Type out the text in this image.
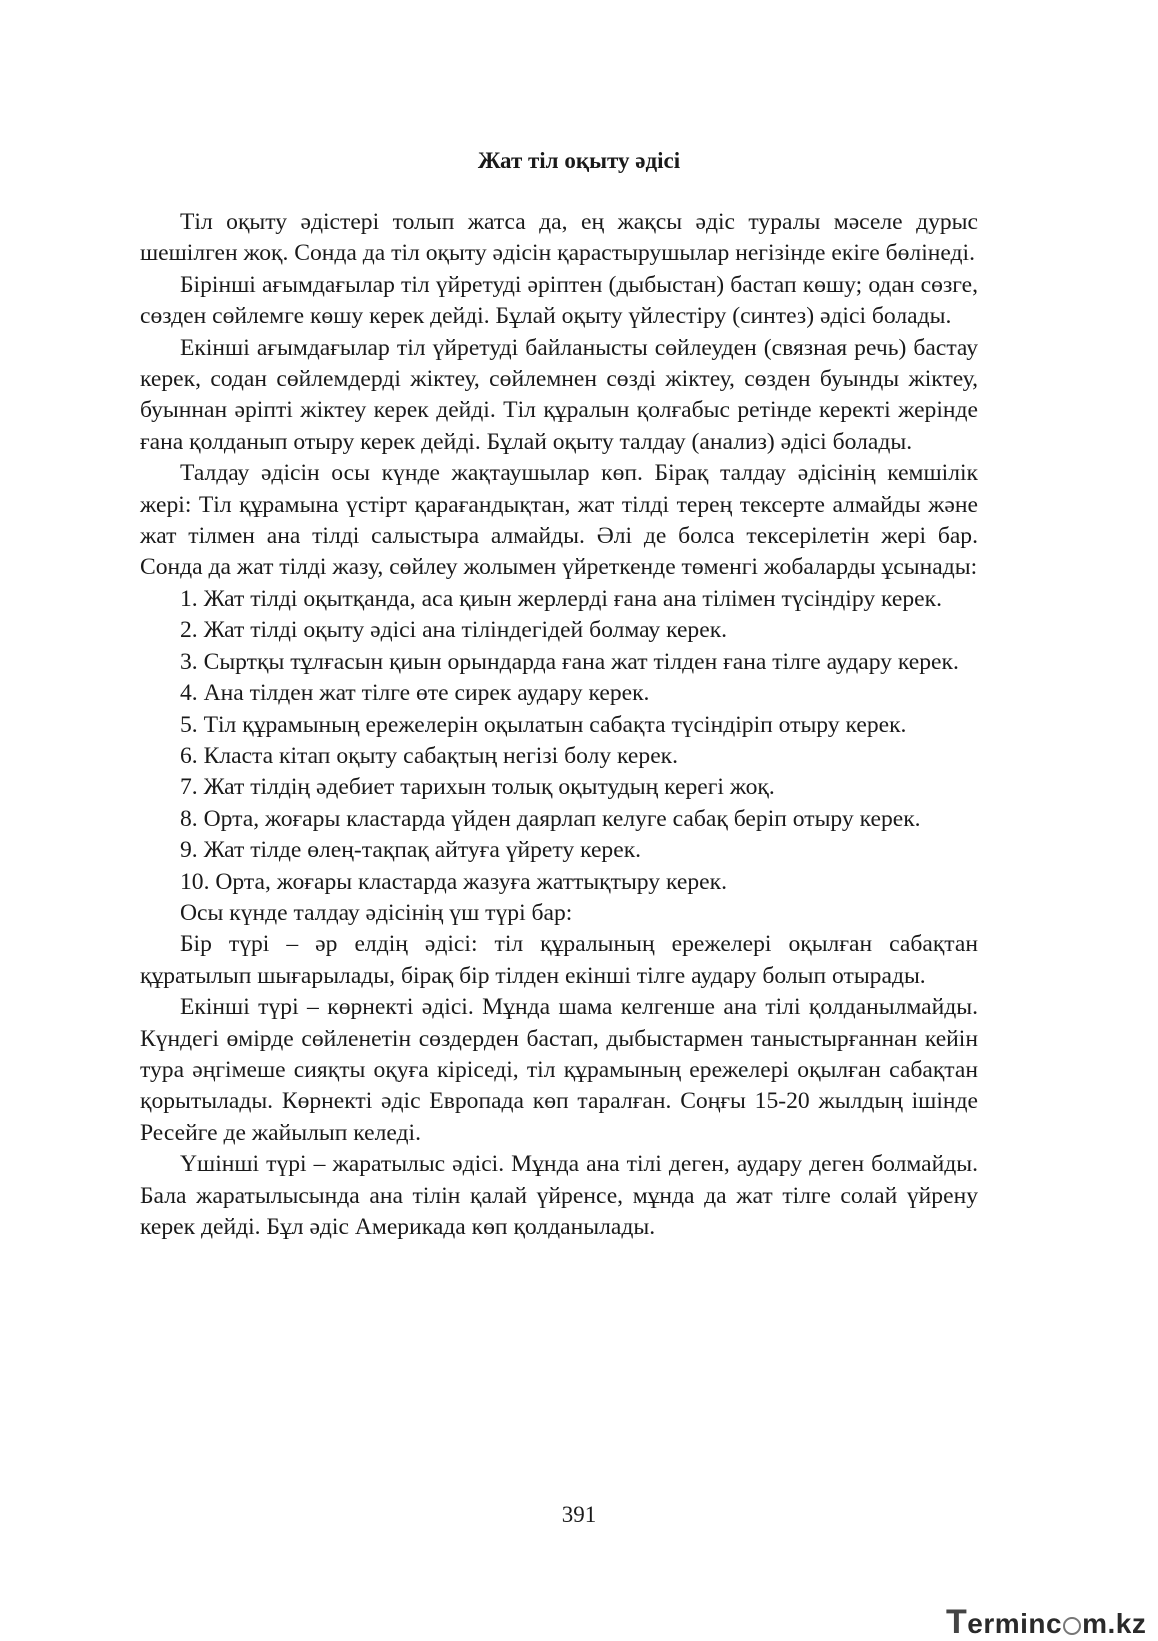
Жат тіл оқыту әдісі

Тіл оқыту әдістері толып жатса да, ең жақсы әдіс туралы мәселе дурыс шешілген жоқ. Сонда да тіл оқыту әдісін қарастырушылар негізінде екіге бөлінеді.

Бірінші ағымдағылар тіл үйретуді әріптен (дыбыстан) бастап көшу; одан сөзге, сөзден сөйлемге көшу керек дейді. Бұлай оқыту үйлестіру (синтез) әдісі болады.

Екінші ағымдағылар тіл үйретуді байланысты сөйлеуден (связная речь) бастау керек, содан сөйлемдерді жіктеу, сөйлемнен сөзді жіктеу, сөзден буынды жіктеу, буыннан әріпті жіктеу керек дейді. Тіл құралын қолғабыс ретінде керекті жерінде ғана қолданып отыру керек дейді. Бұлай оқыту талдау (анализ) әдісі болады.

Талдау әдісін осы күнде жақтаушылар көп. Бірақ талдау әдісінің кемшілік жері: Тіл құрамына үстірт қарағандықтан, жат тілді терең тексерте алмайды және жат тілмен ана тілді салыстыра алмайды. Әлі де болса тексерілетін жері бар. Сонда да жат тілді жазу, сөйлеу жолымен үйреткенде төменгі жобаларды ұсынады:

1. Жат тілді оқытқанда, аса қиын жерлерді ғана ана тілімен түсіндіру керек.

2. Жат тілді оқыту әдісі ана тіліндегідей болмау керек.

3. Сыртқы тұлғасын қиын орындарда ғана жат тілден ғана тілге аудару керек.

4. Ана тілден жат тілге өте сирек аудару керек.

5. Тіл құрамының ережелерін оқылатын сабақта түсіндіріп отыру керек.

6. Класта кітап оқыту сабақтың негізі болу керек.

7. Жат тілдің әдебиет тарихын толық оқытудың керегі жоқ.

8. Орта, жоғары кластарда үйден даярлап келуге сабақ беріп отыру керек.

9. Жат тілде өлең-тақпақ айтуға үйрету керек.

10. Орта, жоғары кластарда жазуға жаттықтыру керек.

Осы күнде талдау әдісінің үш түрі бар:

Бір түрі – әр елдің әдісі: тіл құралының ережелері оқылған сабақтан құратылып шығарылады, бірақ бір тілден екінші тілге аудару болып отырады.

Екінші түрі – көрнекті әдісі. Мұнда шама келгенше ана тілі қолданылмайды. Күндегі өмірде сөйленетін сөздерден бастап, дыбыстармен таныстырғаннан кейін тура әңгімеше сияқты оқуға кіріседі, тіл құрамының ережелері оқылған сабақтан қорытылады. Көрнекті әдіс Европада көп таралған. Соңғы 15-20 жылдың ішінде Ресейге де жайылып келеді.

Үшінші түрі – жаратылыс әдісі. Мұнда ана тілі деген, аудару деген болмайды. Бала жаратылысында ана тілін қалай үйренсе, мұнда да жат тілге солай үйрену керек дейді. Бұл әдіс Америкада көп қолданылады.

391
Terminc m.kz
